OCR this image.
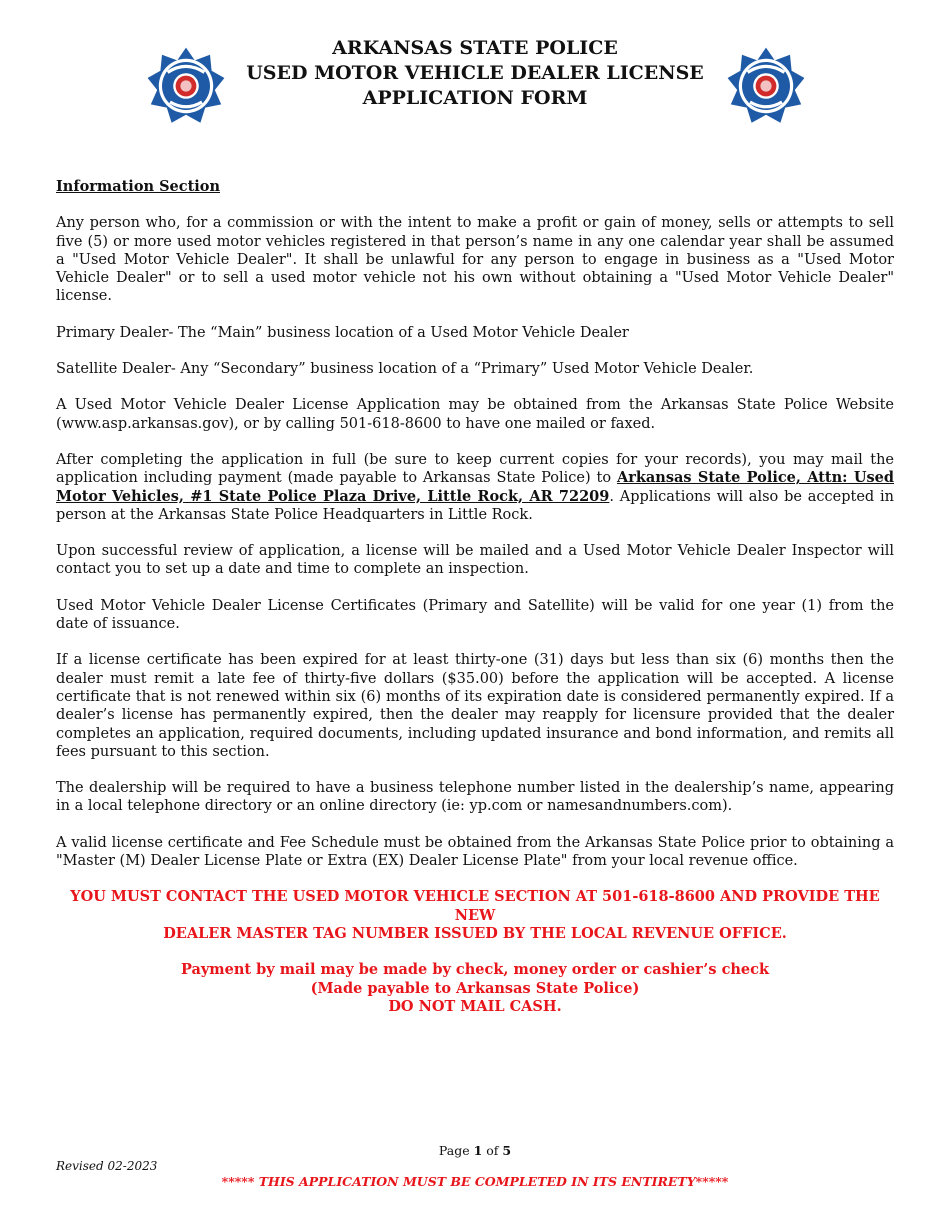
ARKANSAS STATE POLICE
USED MOTOR VEHICLE DEALER LICENSE
APPLICATION FORM
Information Section
Any person who, for a commission or with the intent to make a profit or gain of money, sells or attempts to sell five (5) or more used motor vehicles registered in that person’s name in any one calendar year shall be assumed a "Used Motor Vehicle Dealer". It shall be unlawful for any person to engage in business as a "Used Motor Vehicle Dealer" or to sell a used motor vehicle not his own without obtaining a "Used Motor Vehicle Dealer" license.
Primary Dealer- The “Main” business location of a Used Motor Vehicle Dealer
Satellite Dealer- Any “Secondary” business location of a “Primary” Used Motor Vehicle Dealer.
A Used Motor Vehicle Dealer License Application may be obtained from the Arkansas State Police Website (www.asp.arkansas.gov), or by calling 501-618-8600 to have one mailed or faxed.
After completing the application in full (be sure to keep current copies for your records), you may mail the application including payment (made payable to Arkansas State Police) to Arkansas State Police, Attn: Used Motor Vehicles, #1 State Police Plaza Drive, Little Rock, AR 72209. Applications will also be accepted in person at the Arkansas State Police Headquarters in Little Rock.
Upon successful review of application, a license will be mailed and a Used Motor Vehicle Dealer Inspector will contact you to set up a date and time to complete an inspection.
Used Motor Vehicle Dealer License Certificates (Primary and Satellite) will be valid for one year (1) from the date of issuance.
If a license certificate has been expired for at least thirty-one (31) days but less than six (6) months then the dealer must remit a late fee of thirty-five dollars ($35.00) before the application will be accepted. A license certificate that is not renewed within six (6) months of its expiration date is considered permanently expired. If a dealer’s license has permanently expired, then the dealer may reapply for licensure provided that the dealer completes an application, required documents, including updated insurance and bond information, and remits all fees pursuant to this section.
The dealership will be required to have a business telephone number listed in the dealership’s name, appearing in a local telephone directory or an online directory (ie: yp.com or namesandnumbers.com).
A valid license certificate and Fee Schedule must be obtained from the Arkansas State Police prior to obtaining a "Master (M) Dealer License Plate or Extra (EX) Dealer License Plate" from your local revenue office.
YOU MUST CONTACT THE USED MOTOR VEHICLE SECTION AT 501-618-8600 AND PROVIDE THE NEW
DEALER MASTER TAG NUMBER ISSUED BY THE LOCAL REVENUE OFFICE.
Payment by mail may be made by check, money order or cashier’s check
(Made payable to Arkansas State Police)
DO NOT MAIL CASH.
Page 1 of 5
Revised 02-2023
***** THIS APPLICATION MUST BE COMPLETED IN ITS ENTIRETY*****
